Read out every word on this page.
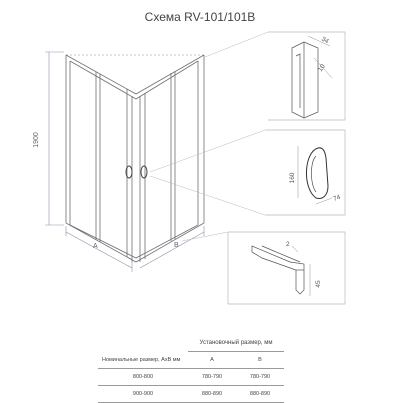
1900
A	B
34
10
160
74
2
45
Схема RV-101/101B
	Установочный размер, мм	
Номинальные размер, АхВ мм	A	B
800-800	780-790	780-790
900-900	880-890	880-890
